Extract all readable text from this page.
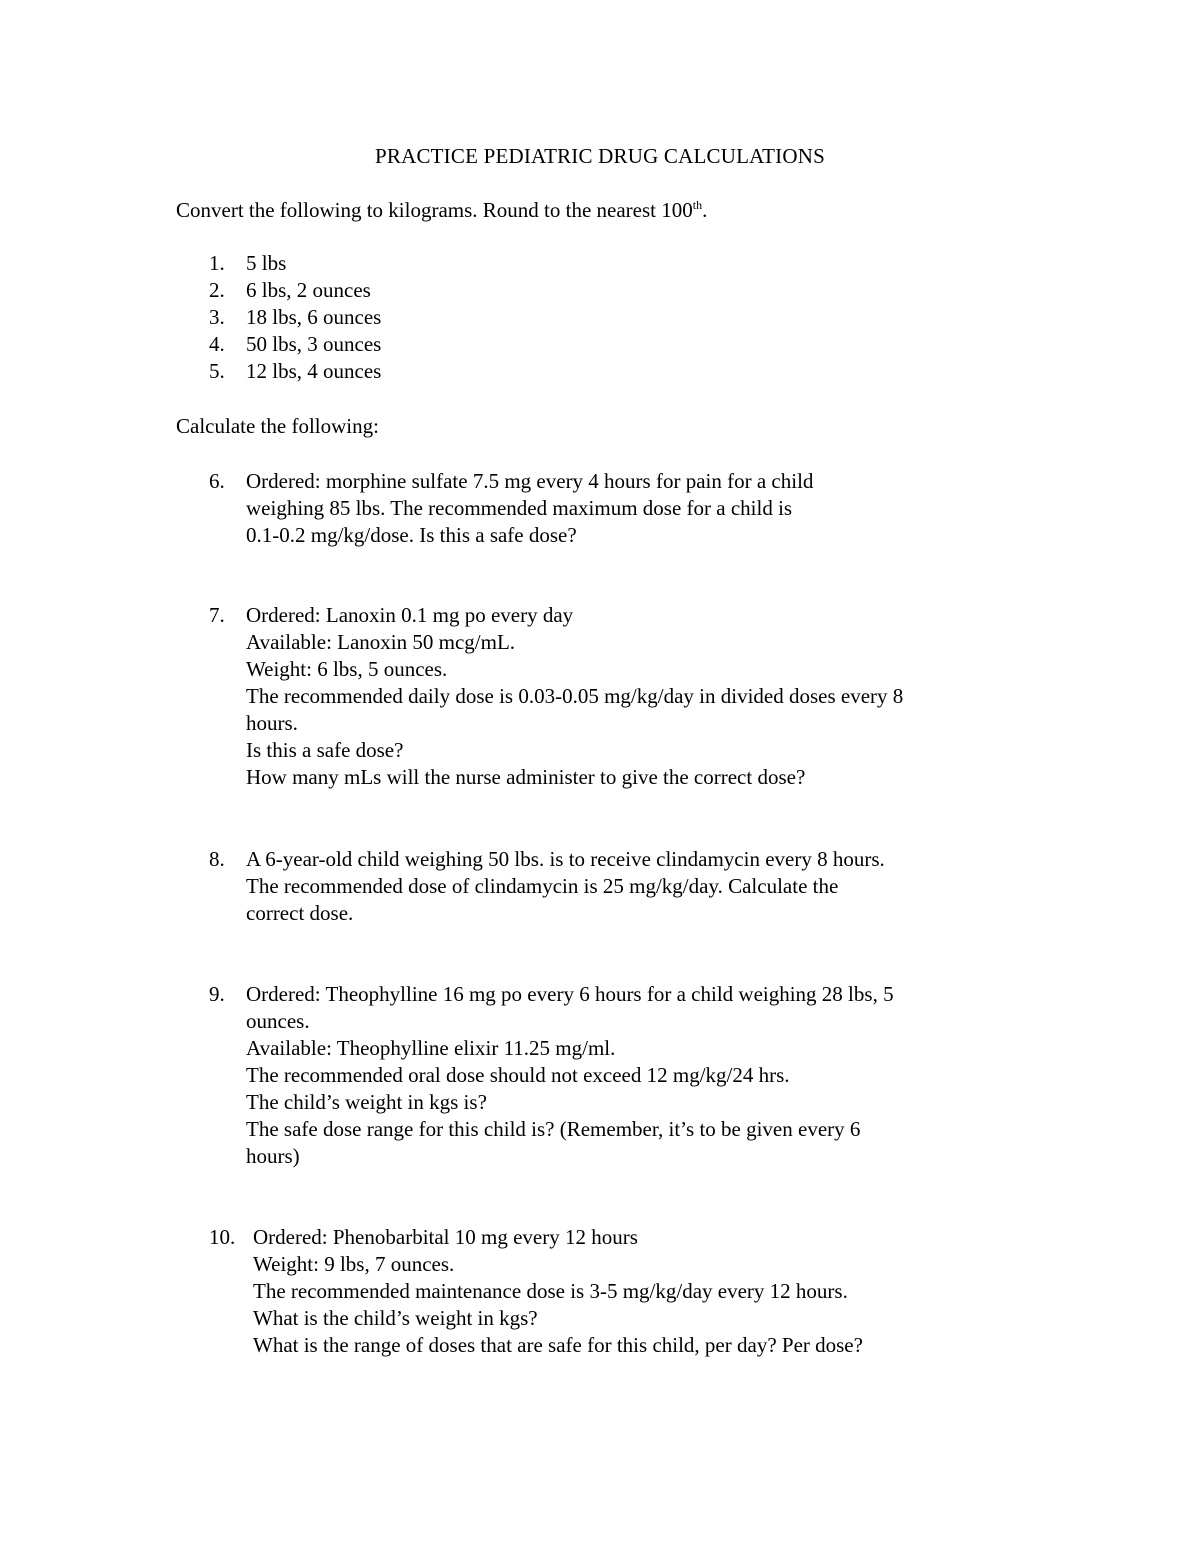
PRACTICE PEDIATRIC DRUG CALCULATIONS
Convert the following to kilograms. Round to the nearest 100th.
1.	5 lbs
2.	6 lbs, 2 ounces
3.	18 lbs, 6 ounces
4.	50 lbs, 3 ounces
5.	12 lbs, 4 ounces
Calculate the following:
6. Ordered: morphine sulfate 7.5 mg every 4 hours for pain for a child
weighing 85 lbs. The recommended maximum dose for a child is
0.1-0.2 mg/kg/dose. Is this a safe dose?
7. Ordered: Lanoxin 0.1 mg po every day
Available: Lanoxin 50 mcg/mL.
Weight: 6 lbs, 5 ounces.
The recommended daily dose is 0.03-0.05 mg/kg/day in divided doses every 8
hours.
Is this a safe dose?
How many mLs will the nurse administer to give the correct dose?
8. A 6-year-old child weighing 50 lbs. is to receive clindamycin every 8 hours.
The recommended dose of clindamycin is 25 mg/kg/day. Calculate the
correct dose.
9. Ordered: Theophylline 16 mg po every 6 hours for a child weighing 28 lbs, 5
ounces.
Available: Theophylline elixir 11.25 mg/ml.
The recommended oral dose should not exceed 12 mg/kg/24 hrs.
The child’s weight in kgs is?
The safe dose range for this child is? (Remember, it’s to be given every 6
hours)
10. Ordered: Phenobarbital 10 mg every 12 hours
Weight: 9 lbs, 7 ounces.
The recommended maintenance dose is 3-5 mg/kg/day every 12 hours.
What is the child’s weight in kgs?
What is the range of doses that are safe for this child, per day? Per dose?
